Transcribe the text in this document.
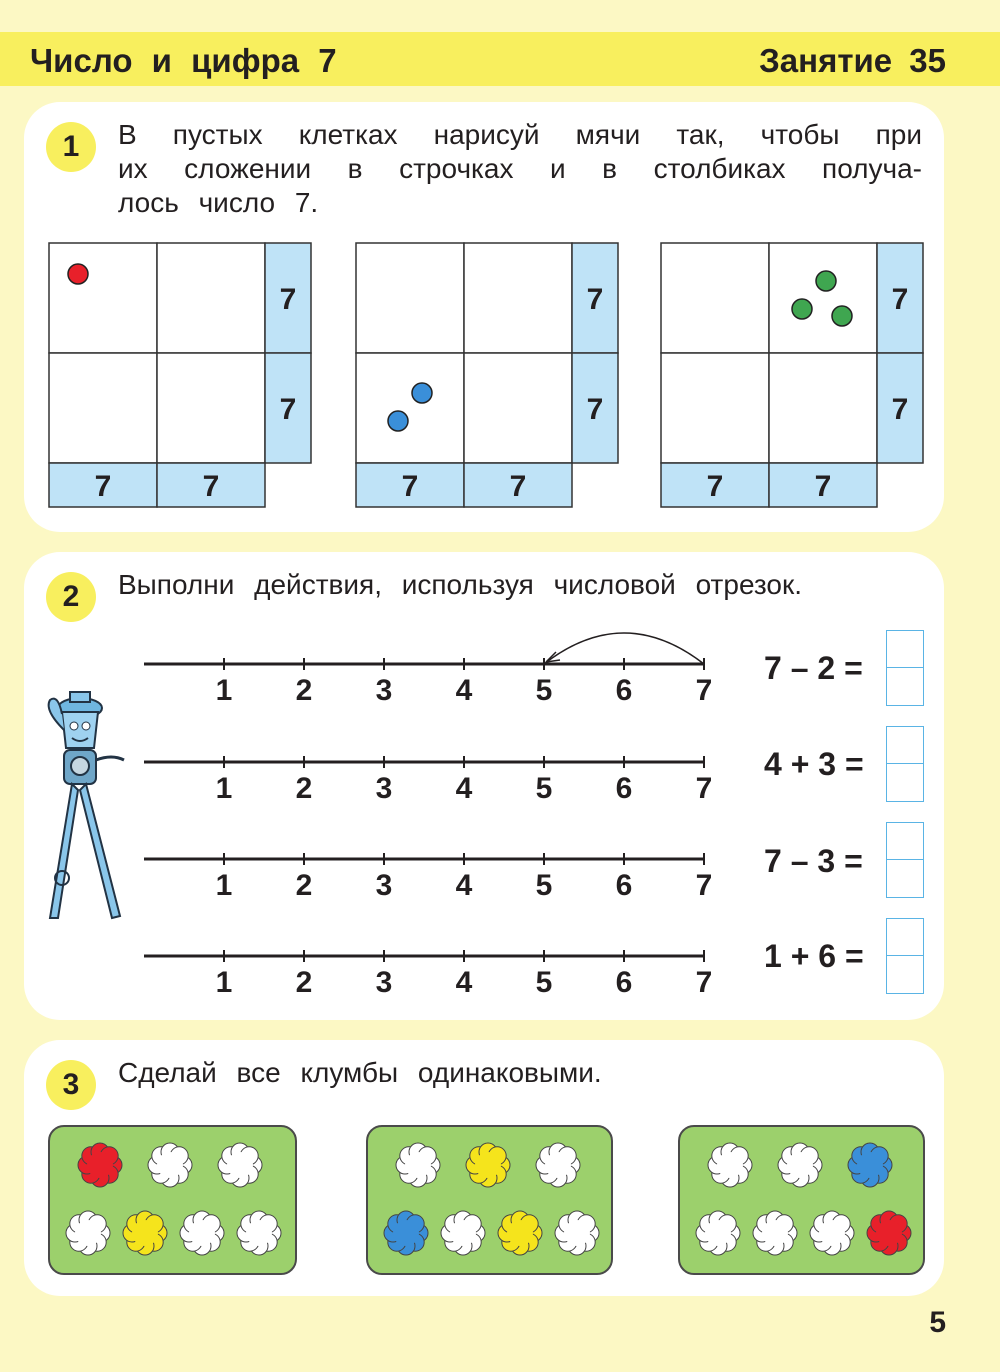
Число и цифра 7	Занятие 35
1	В пустых клетках нарисуй мячи так, чтобы при
их сложении в строчках и в столбиках получа-
лось число 7.
7
7
7	7
7
7
7	7
7
7
7	7
2	Выполни действия, используя числовой отрезок.
1 2 3 4 5 6 7
1 2 3 4 5 6 7
1 2 3 4 5 6 7
1 2 3 4 5 6 7
7 – 2 =
4 + 3 =
7 – 3 =
1 + 6 =
3	Сделай все клумбы одинаковыми.
5
